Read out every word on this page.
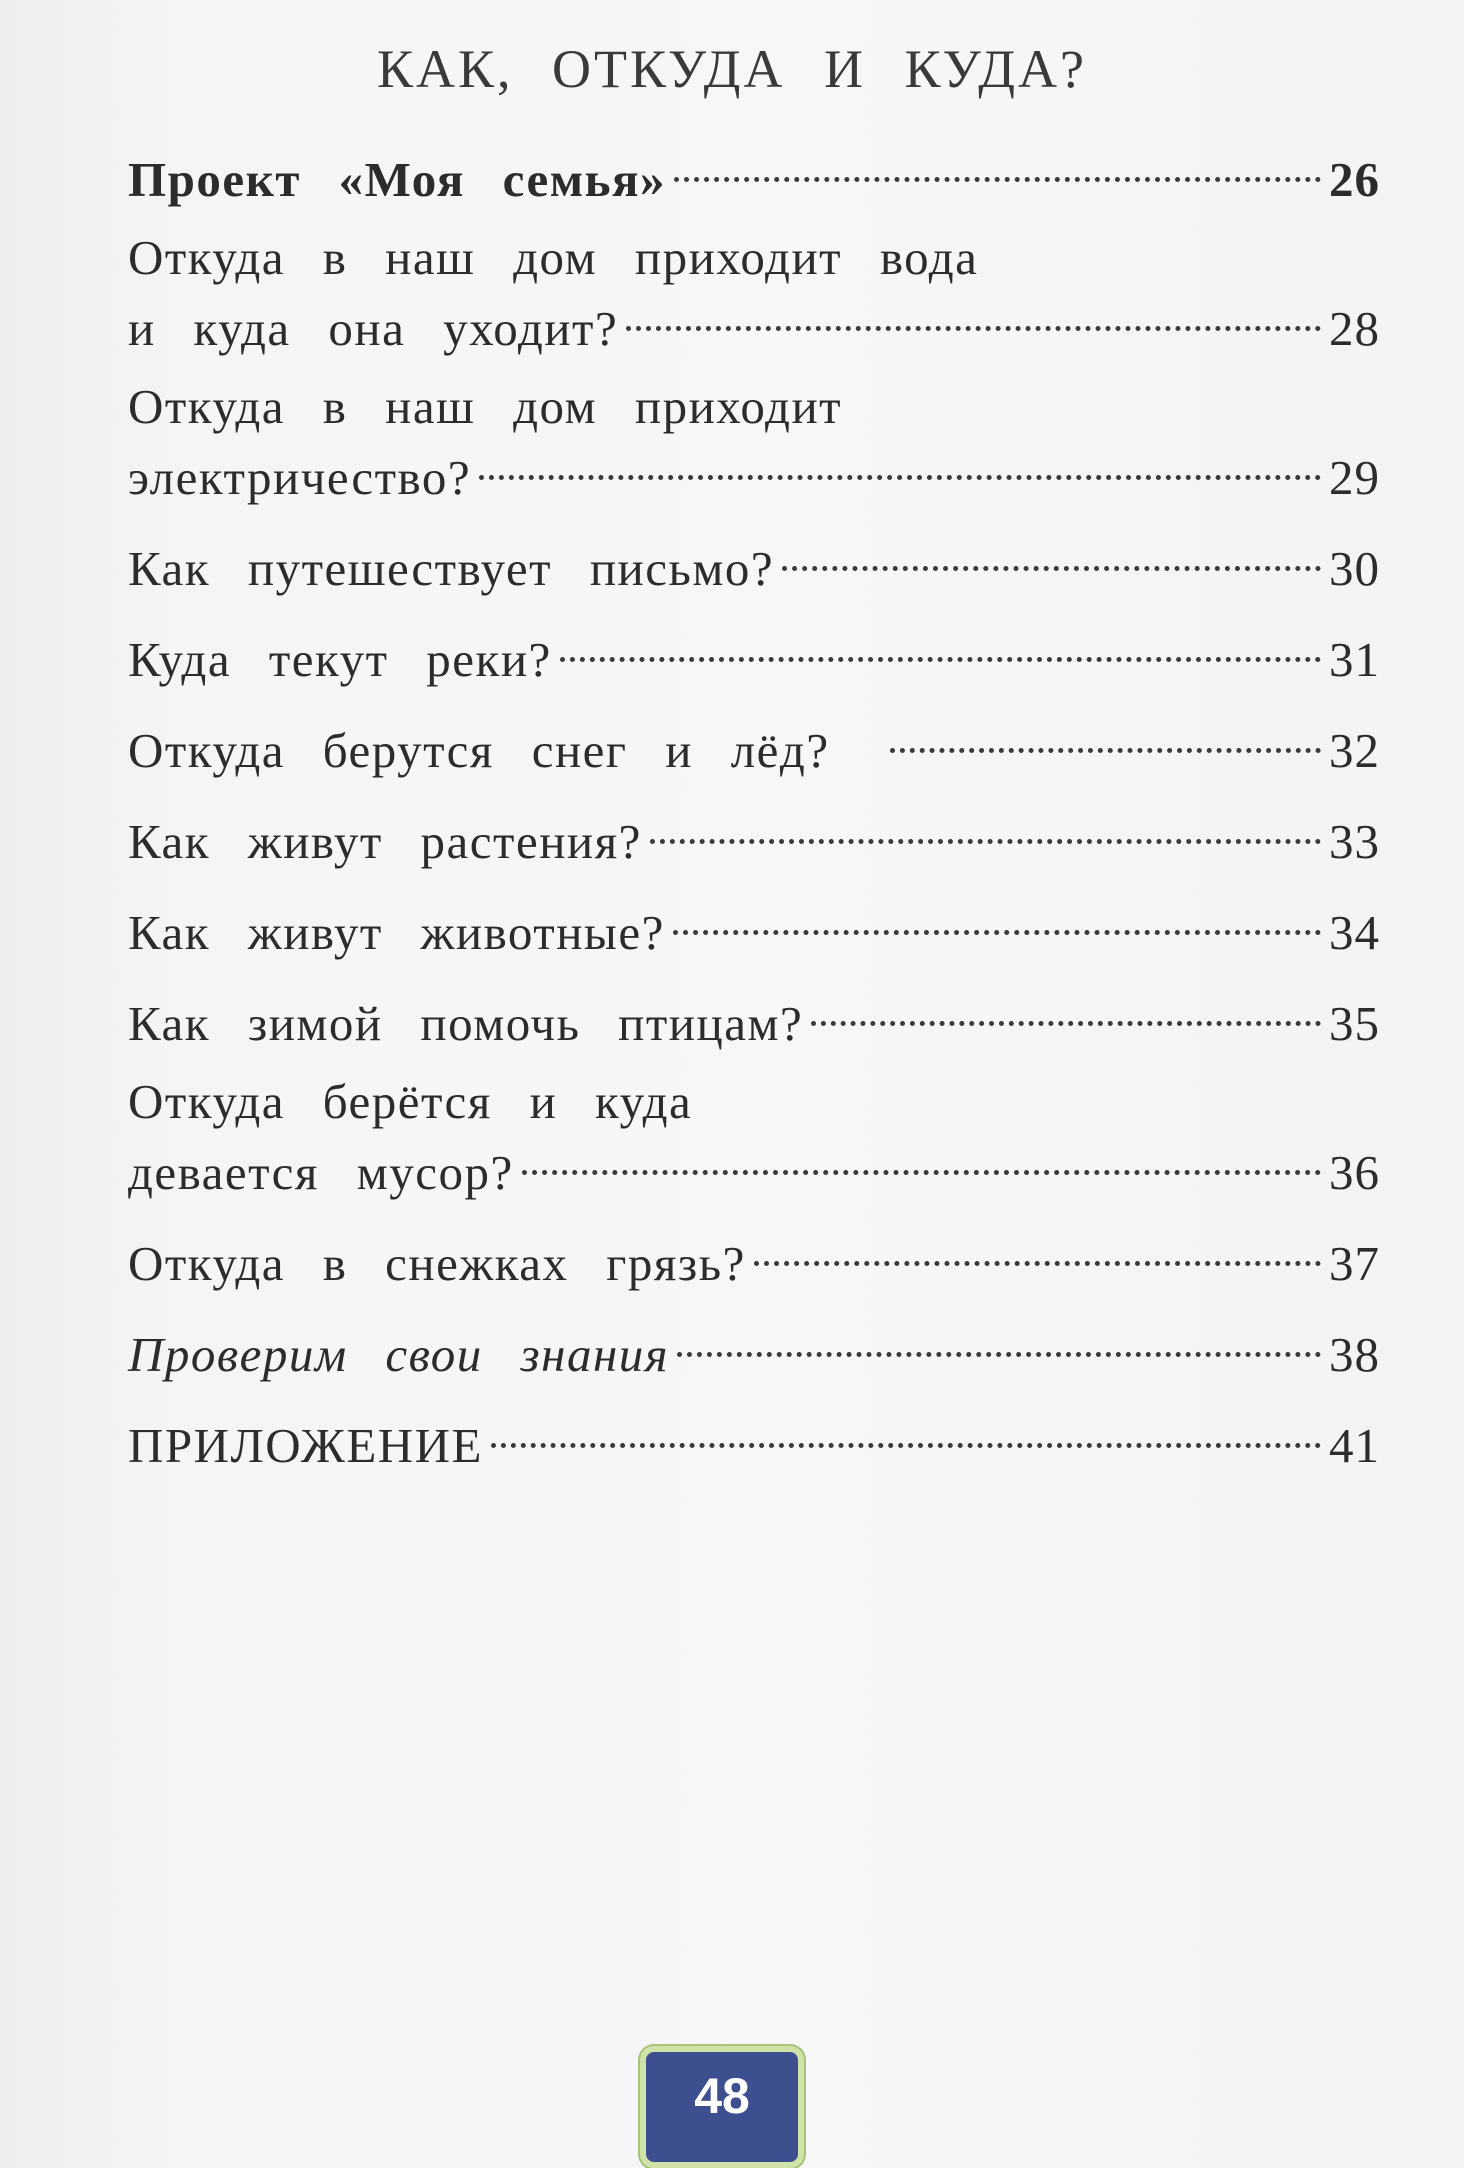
КАК, ОТКУДА И КУДА?
Проект «Моя семья»	26
Откуда в наш дом приходит вода
и куда она уходит?	28
Откуда в наш дом приходит
электричество?	29
Как путешествует письмо?	30
Куда текут реки?	31
Откуда берутся снег и лёд?	32
Как живут растения?	33
Как живут животные?	34
Как зимой помочь птицам?	35
Откуда берётся и куда
девается мусор?	36
Откуда в снежках грязь?	37
Проверим свои знания	38
ПРИЛОЖЕНИЕ	41
48
